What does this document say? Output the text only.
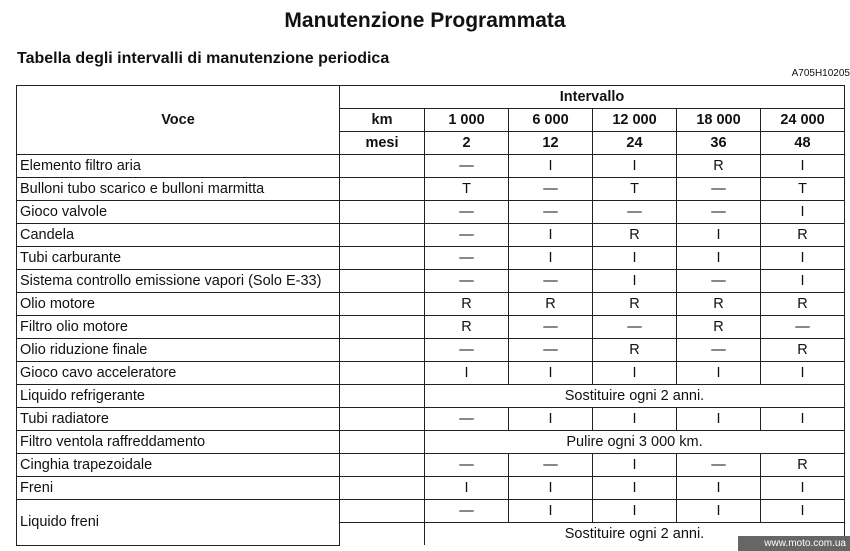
Manutenzione Programmata
Tabella degli intervalli di manutenzione periodica
A705H10205
Voce	Intervallo					
	km	1 000	6 000	12 000	18 000	24 000
	mesi	2	12	24	36	48
Elemento filtro aria		—	I	I	R	I
Bulloni tubo scarico e bulloni marmitta		T	—	T	—	T
Gioco valvole		—	—	—	—	I
Candela		—	I	R	I	R
Tubi carburante		—	I	I	I	I
Sistema controllo emissione vapori (Solo E-33)		—	—	I	—	I
Olio motore		R	R	R	R	R
Filtro olio motore		R	—	—	R	—
Olio riduzione finale		—	—	R	—	R
Gioco cavo acceleratore		I	I	I	I	I
Liquido refrigerante		Sostituire ogni 2 anni.				
Tubi radiatore		—	I	I	I	I
Filtro ventola raffreddamento		Pulire ogni 3 000 km.				
Cinghia trapezoidale		—	—	I	—	R
Freni		I	I	I	I	I
Liquido freni		—	I	I	I	I
		Sostituire ogni 2 anni.				
www.moto.com.ua
